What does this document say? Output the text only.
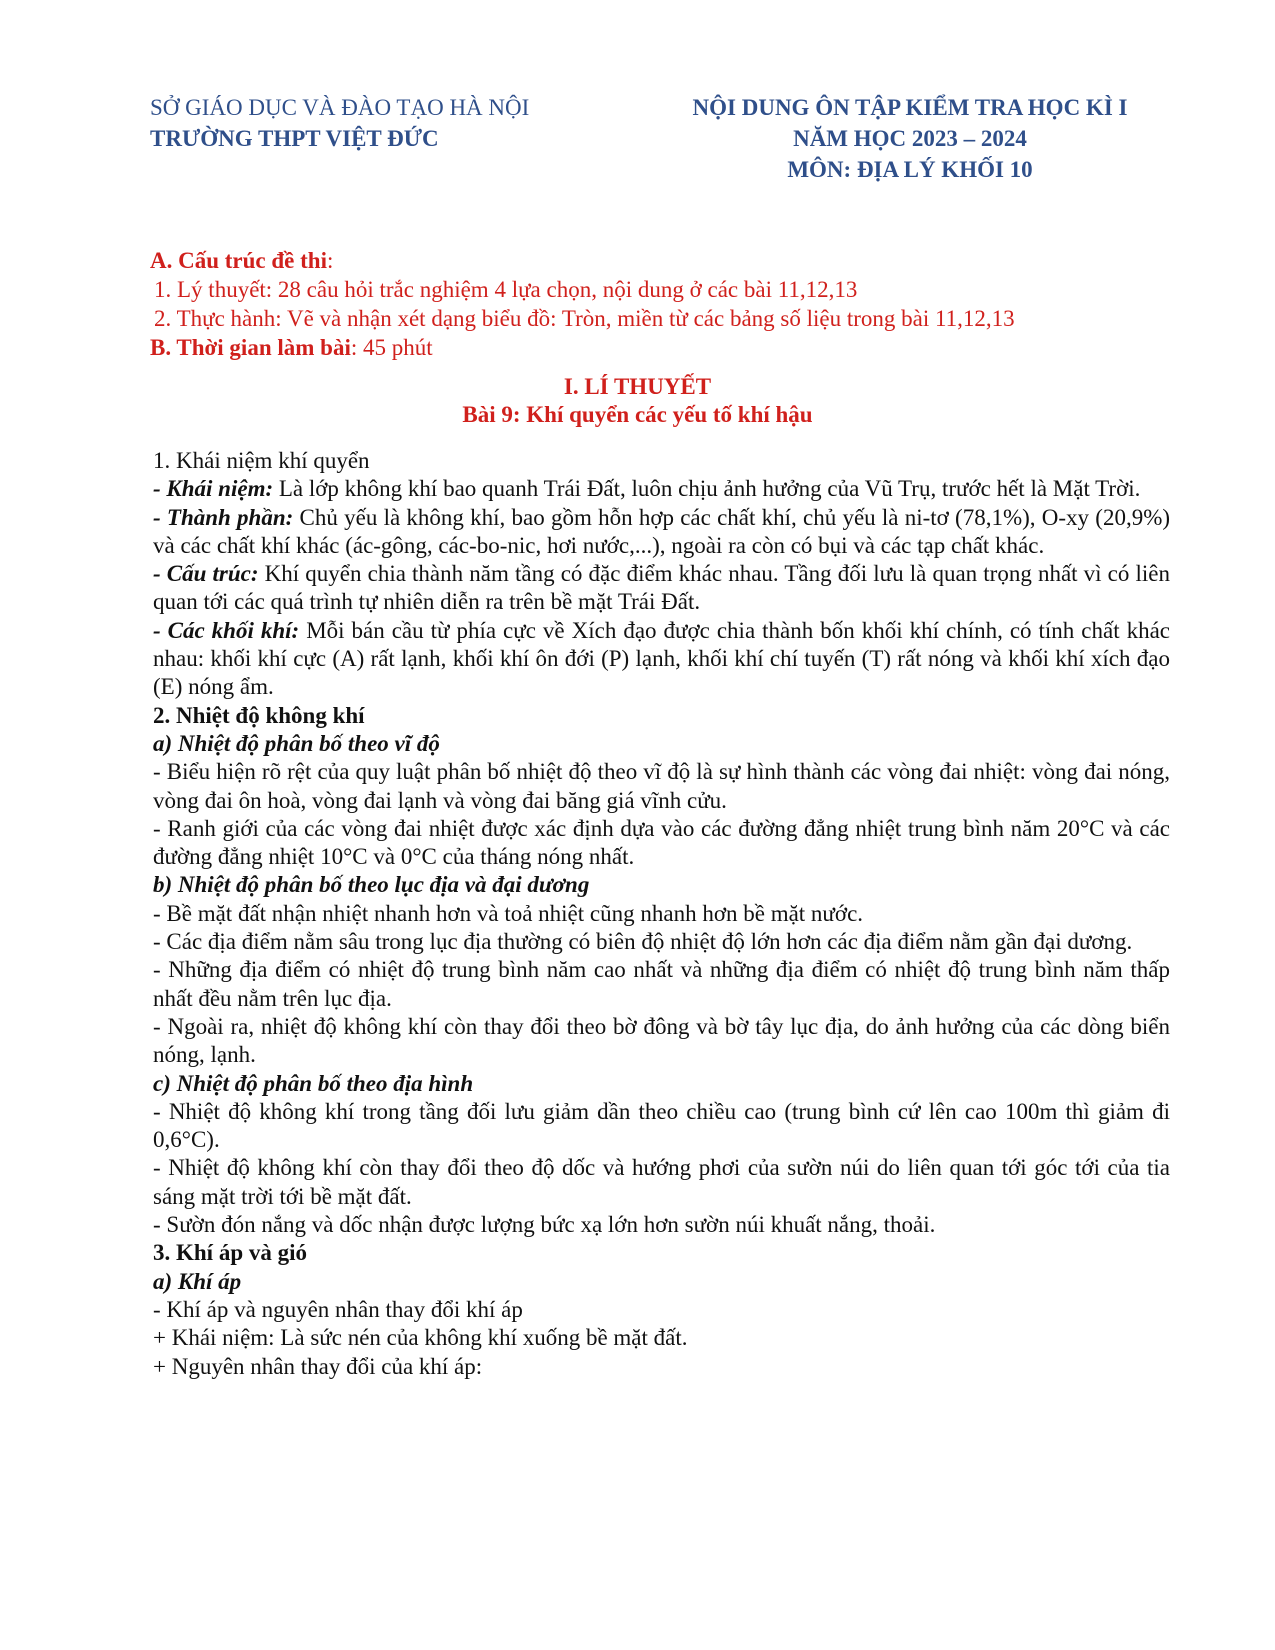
SỞ GIÁO DỤC VÀ ĐÀO TẠO HÀ NỘI
TRƯỜNG THPT VIỆT ĐỨC
NỘI DUNG ÔN TẬP KIỂM TRA HỌC KÌ I
NĂM HỌC 2023 – 2024
MÔN: ĐỊA LÝ KHỐI 10
A. Cấu trúc đề thi:
1. Lý thuyết: 28 câu hỏi trắc nghiệm 4 lựa chọn, nội dung ở các bài 11,12,13
2. Thực hành: Vẽ và nhận xét dạng biểu đồ: Tròn, miền từ các bảng số liệu trong bài 11,12,13
B. Thời gian làm bài: 45 phút
I. LÍ THUYẾT
Bài 9: Khí quyển các yếu tố khí hậu

1. Khái niệm khí quyển

- Khái niệm: Là lớp không khí bao quanh Trái Đất, luôn chịu ảnh hưởng của Vũ Trụ, trước hết là Mặt Trời.

- Thành phần: Chủ yếu là không khí, bao gồm hỗn hợp các chất khí, chủ yếu là ni-tơ (78,1%), O-xy (20,9%) và các chất khí khác (ác-gông, các-bo-nic, hơi nước,...), ngoài ra còn có bụi và các tạp chất khác.

- Cấu trúc: Khí quyển chia thành năm tầng có đặc điểm khác nhau. Tầng đối lưu là quan trọng nhất vì có liên quan tới các quá trình tự nhiên diễn ra trên bề mặt Trái Đất.

- Các khối khí: Mỗi bán cầu từ phía cực về Xích đạo được chia thành bốn khối khí chính, có tính chất khác nhau: khối khí cực (A) rất lạnh, khối khí ôn đới (P) lạnh, khối khí chí tuyến (T) rất nóng và khối khí xích đạo (E) nóng ẩm.

2. Nhiệt độ không khí

a) Nhiệt độ phân bố theo vĩ độ

- Biểu hiện rõ rệt của quy luật phân bố nhiệt độ theo vĩ độ là sự hình thành các vòng đai nhiệt: vòng đai nóng, vòng đai ôn hoà, vòng đai lạnh và vòng đai băng giá vĩnh cửu.

- Ranh giới của các vòng đai nhiệt được xác định dựa vào các đường đẳng nhiệt trung bình năm 20°C và các đường đẳng nhiệt 10°C và 0°C của tháng nóng nhất.

b) Nhiệt độ phân bố theo lục địa và đại dương

- Bề mặt đất nhận nhiệt nhanh hơn và toả nhiệt cũng nhanh hơn bề mặt nước.

- Các địa điểm nằm sâu trong lục địa thường có biên độ nhiệt độ lớn hơn các địa điểm nằm gần đại dương.

- Những địa điểm có nhiệt độ trung bình năm cao nhất và những địa điểm có nhiệt độ trung bình năm thấp nhất đều nằm trên lục địa.

- Ngoài ra, nhiệt độ không khí còn thay đổi theo bờ đông và bờ tây lục địa, do ảnh hưởng của các dòng biển nóng, lạnh.

c) Nhiệt độ phân bố theo địa hình

- Nhiệt độ không khí trong tầng đối lưu giảm dần theo chiều cao (trung bình cứ lên cao 100m thì giảm đi 0,6°C).

- Nhiệt độ không khí còn thay đổi theo độ dốc và hướng phơi của sườn núi do liên quan tới góc tới của tia sáng mặt trời tới bề mặt đất.

- Sườn đón nắng và dốc nhận được lượng bức xạ lớn hơn sườn núi khuất nắng, thoải.

3. Khí áp và gió

a) Khí áp

- Khí áp và nguyên nhân thay đổi khí áp

+ Khái niệm: Là sức nén của không khí xuống bề mặt đất.

+ Nguyên nhân thay đổi của khí áp:
